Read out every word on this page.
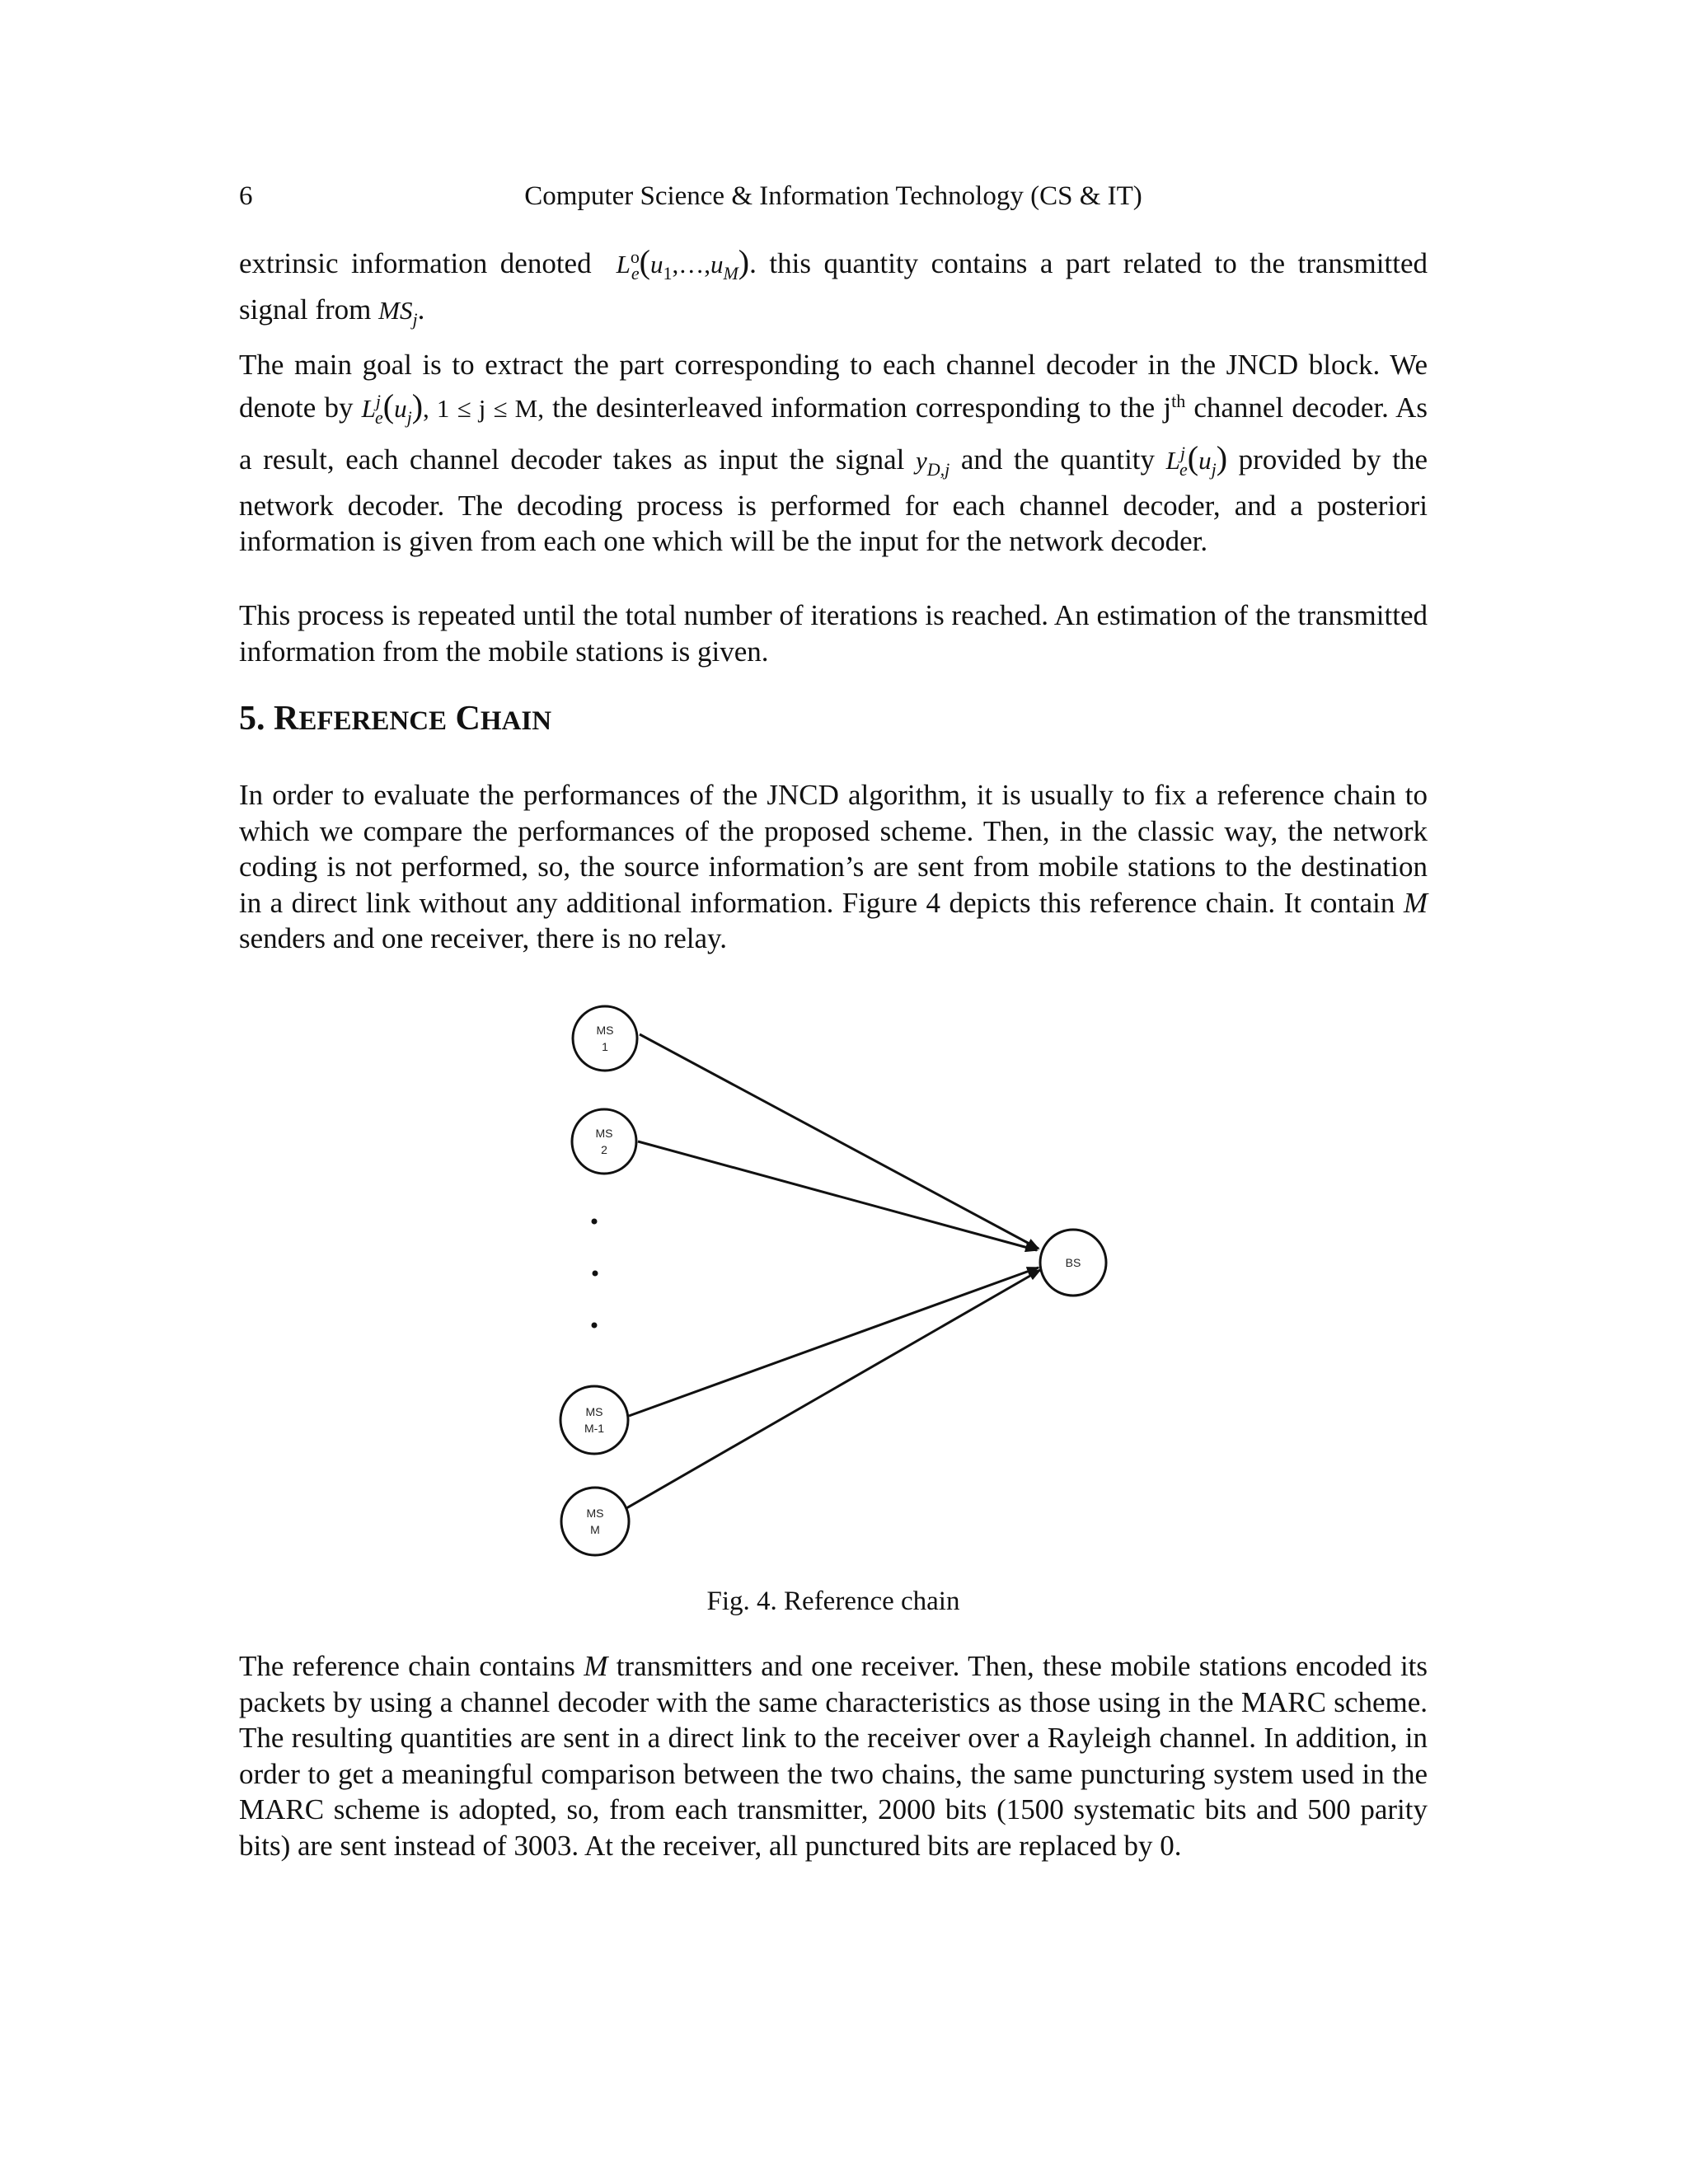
6	Computer Science & Information Technology (CS & IT)

extrinsic information denoted $L^o_e(u_1,\dots,u_M)$. this quantity contains a part related to the transmitted signal from $MS_j$.

The main goal is to extract the part corresponding to each channel decoder in the JNCD block. We denote by $L^j_e(u_j)$, 1 ≤ j ≤ M, the desinterleaved information corresponding to the $j^{th}$ channel decoder. As a result, each channel decoder takes as input the signal $y_{D,j}$ and the quantity $L^j_e(u_j)$ provided by the network decoder. The decoding process is performed for each channel decoder, and a posteriori information is given from each one which will be the input for the network decoder.

This process is repeated until the total number of iterations is reached. An estimation of the transmitted information from the mobile stations is given.

5. REFERENCE CHAIN

In order to evaluate the performances of the JNCD algorithm, it is usually to fix a reference chain to which we compare the performances of the proposed scheme. Then, in the classic way, the network coding is not performed, so, the source information’s are sent from mobile stations to the destination in a direct link without any additional information. Figure 4 depicts this reference chain. It contain M senders and one receiver, there is no relay.

MS
1
MS
2
MS
M-1
MS
M
BS
Fig. 4. Reference chain

The reference chain contains M transmitters and one receiver. Then, these mobile stations encoded its packets by using a channel decoder with the same characteristics as those using in the MARC scheme. The resulting quantities are sent in a direct link to the receiver over a Rayleigh channel. In addition, in order to get a meaningful comparison between the two chains, the same puncturing system used in the MARC scheme is adopted, so, from each transmitter, 2000 bits (1500 systematic bits and 500 parity bits) are sent instead of 3003. At the receiver, all punctured bits are replaced by 0.
